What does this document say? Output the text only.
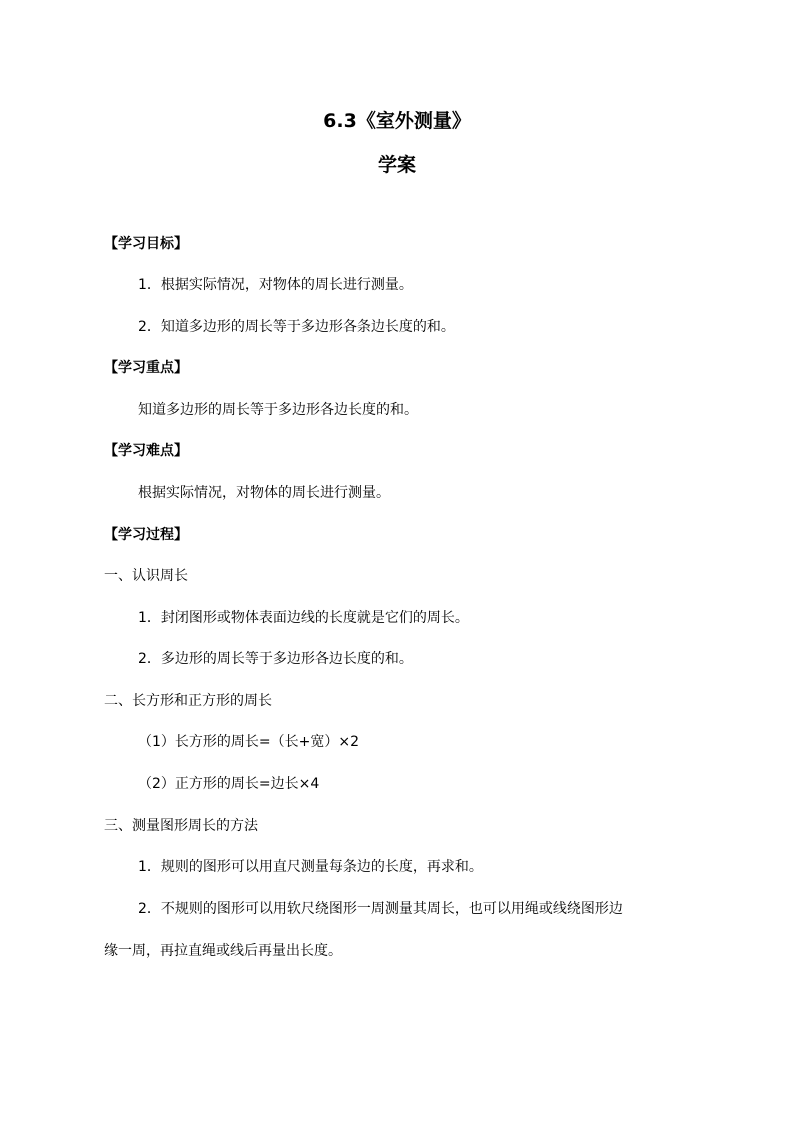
6.3《室外测量》
学案
【学习目标】
1．根据实际情况，对物体的周长进行测量。
2．知道多边形的周长等于多边形各条边长度的和。
【学习重点】
知道多边形的周长等于多边形各边长度的和。
【学习难点】
根据实际情况，对物体的周长进行测量。
【学习过程】
一、认识周长
1．封闭图形或物体表面边线的长度就是它们的周长。
2．多边形的周长等于多边形各边长度的和。
二、长方形和正方形的周长
（1）长方形的周长=（长+宽）×2
（2）正方形的周长=边长×4
三、测量图形周长的方法
1．规则的图形可以用直尺测量每条边的长度，再求和。
2．不规则的图形可以用软尺绕图形一周测量其周长，也可以用绳或线绕图形边
缘一周，再拉直绳或线后再量出长度。
